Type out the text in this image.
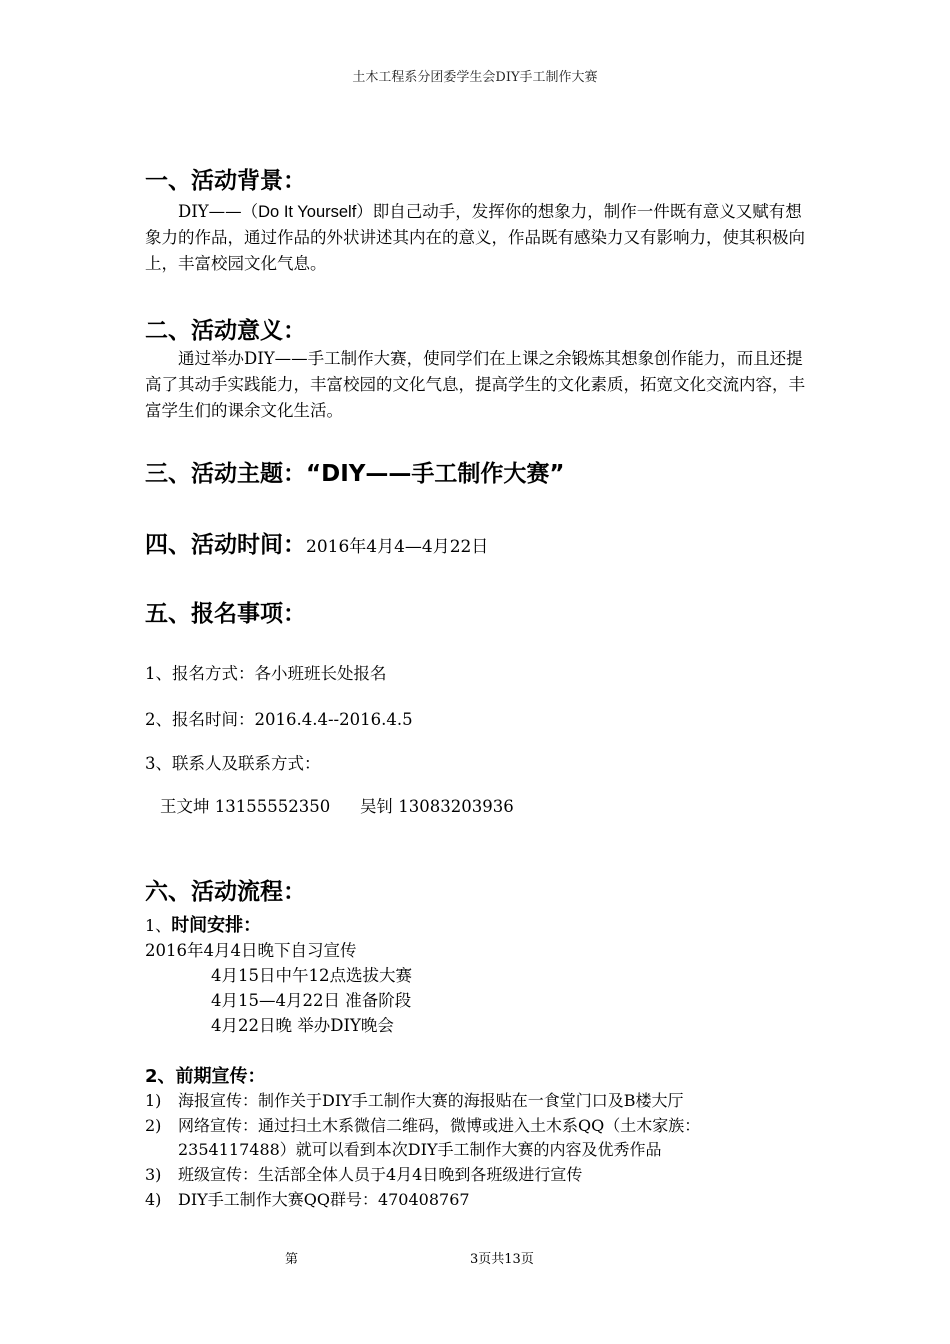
土木工程系分团委学生会DIY手工制作大赛
一、活动背景：
DIY——（Do It Yourself）即自己动手，发挥你的想象力，制作一件既有意义又赋有想象力的作品，通过作品的外状讲述其内在的意义，作品既有感染力又有影响力，使其积极向上，丰富校园文化气息。
二、活动意义：
通过举办DIY——手工制作大赛，使同学们在上课之余锻炼其想象创作能力，而且还提高了其动手实践能力，丰富校园的文化气息，提高学生的文化素质，拓宽文化交流内容，丰富学生们的课余文化生活。
三、活动主题：“DIY——手工制作大赛”
四、活动时间：2016年4月4—4月22日
五、报名事项：
1、报名方式：各小班班长处报名
2、报名时间：2016.4.4--2016.4.5
3、联系人及联系方式：
王文坤 13155552350 吴钊 13083203936
六、活动流程：
1、时间安排：
2016年4月4日晚下自习宣传
4月15日中午12点选拔大赛
4月15—4月22日 准备阶段
4月22日晚 举办DIY晚会
2、前期宣传：
1) 海报宣传：制作关于DIY手工制作大赛的海报贴在一食堂门口及B楼大厅
2) 网络宣传：通过扫土木系微信二维码，微博或进入土木系QQ（土木家族：
2354117488）就可以看到本次DIY手工制作大赛的内容及优秀作品
3) 班级宣传：生活部全体人员于4月4日晚到各班级进行宣传
4) DIY手工制作大赛QQ群号：470408767
第	3页共13页
